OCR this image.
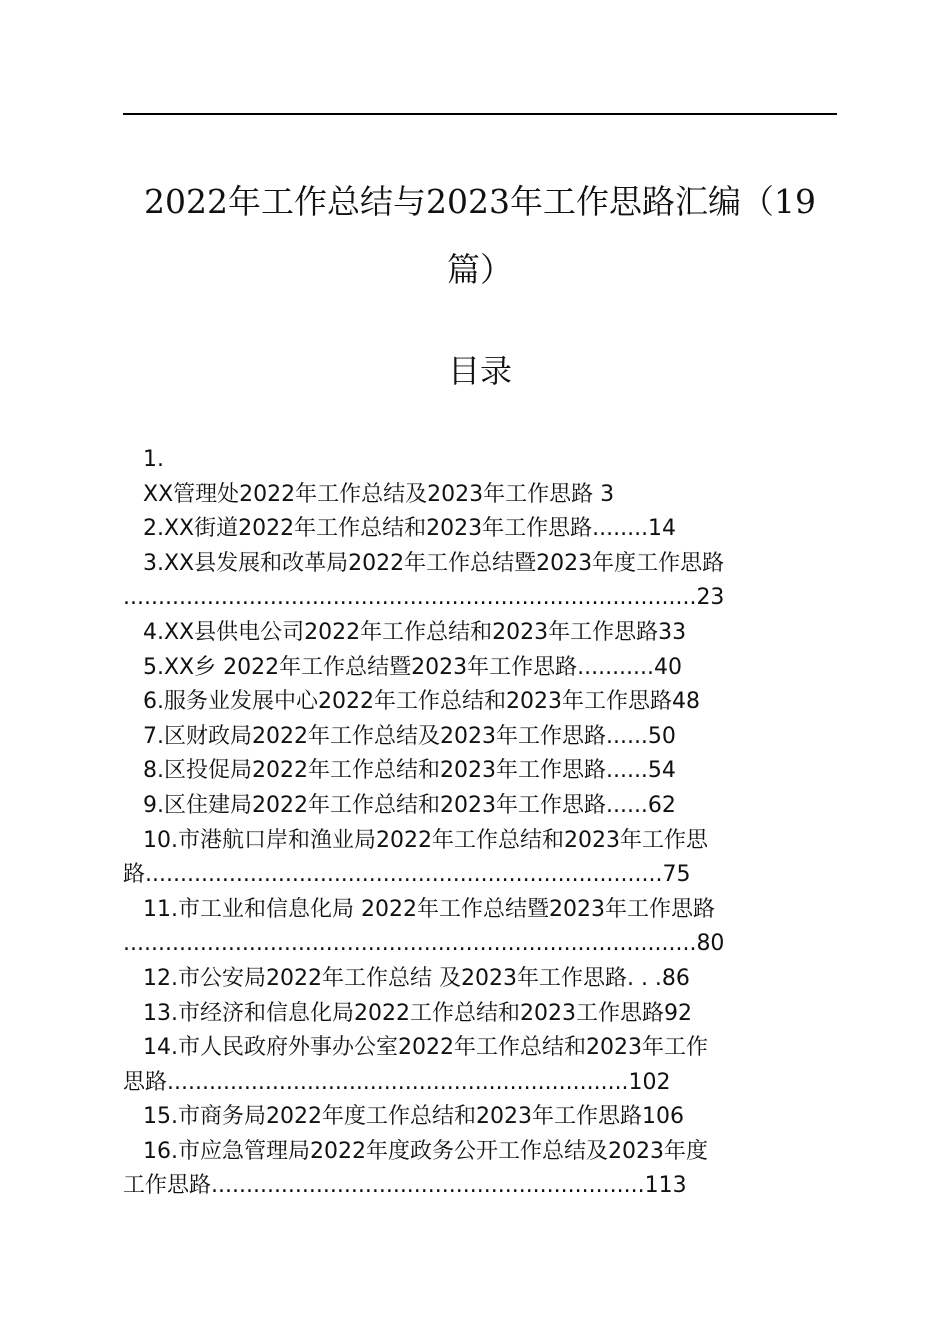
2022年工作总结与2023年工作思路汇编（19
篇）
目录
1.
XX管理处2022年工作总结及2023年工作思路 3
2.XX街道2022年工作总结和2023年工作思路........14
3.XX县发展和改革局2022年工作总结暨2023年度工作思路
..................................................................................23
4.XX县供电公司2022年工作总结和2023年工作思路33
5.XX乡 2022年工作总结暨2023年工作思路...........40
6.服务业发展中心2022年工作总结和2023年工作思路48
7.区财政局2022年工作总结及2023年工作思路......50
8.区投促局2022年工作总结和2023年工作思路......54
9.区住建局2022年工作总结和2023年工作思路......62
10.市港航口岸和渔业局2022年工作总结和2023年工作思
路..........................................................................75
11.市工业和信息化局 2022年工作总结暨2023年工作思路
..................................................................................80
12.市公安局2022年工作总结 及2023年工作思路. . .86
13.市经济和信息化局2022工作总结和2023工作思路92
14.市人民政府外事办公室2022年工作总结和2023年工作
思路..................................................................102
15.市商务局2022年度工作总结和2023年工作思路106
16.市应急管理局2022年度政务公开工作总结及2023年度
工作思路..............................................................113
